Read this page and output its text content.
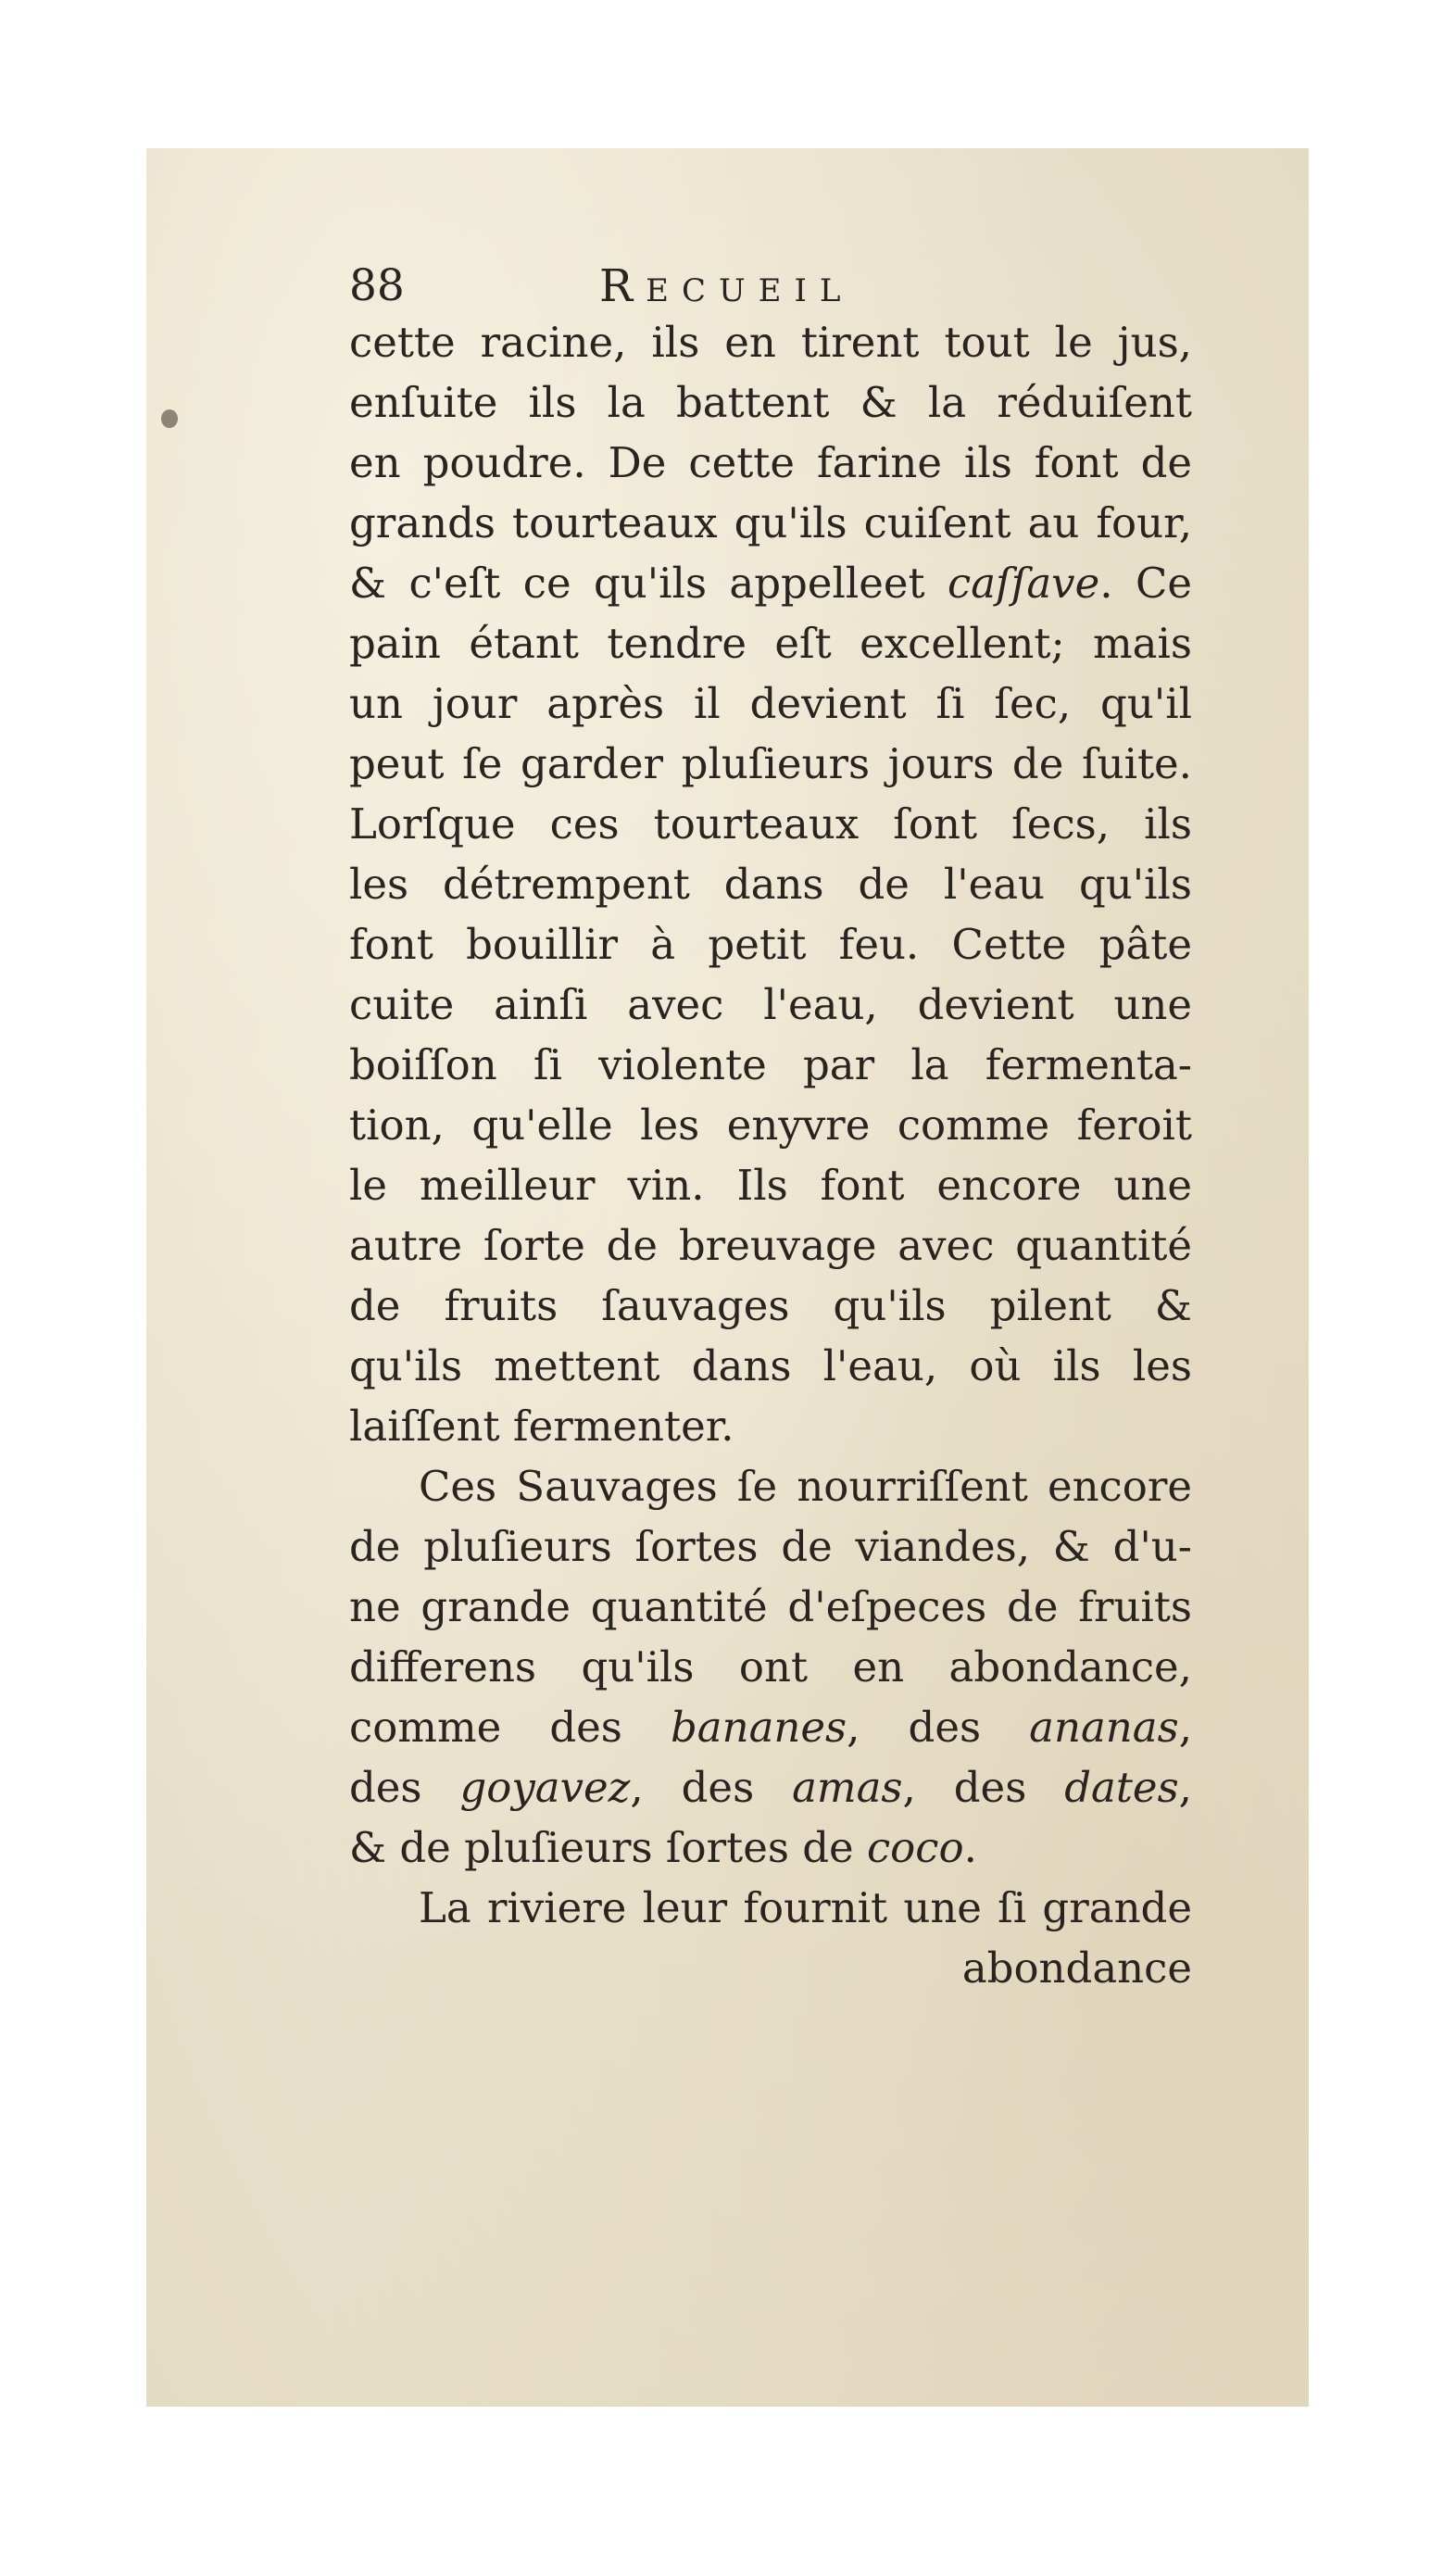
88	Recueil
cette racine, ils en tirent tout le jus,
enſuite ils la battent & la réduiſent
en poudre. De cette farine ils font de
grands tourteaux qu'ils cuiſent au four,
& c'eſt ce qu'ils appelleet caſſave. Ce
pain étant tendre eſt excellent; mais
un jour après il devient ſi ſec, qu'il
peut ſe garder pluſieurs jours de ſuite.
Lorſque ces tourteaux ſont ſecs, ils
les détrempent dans de l'eau qu'ils
font bouillir à petit feu. Cette pâte
cuite ainſi avec l'eau, devient une
boiſſon ſi violente par la fermenta-
tion, qu'elle les enyvre comme feroit
le meilleur vin. Ils font encore une
autre ſorte de breuvage avec quantité
de fruits ſauvages qu'ils pilent &
qu'ils mettent dans l'eau, où ils les
laiſſent fermenter.
Ces Sauvages ſe nourriſſent encore
de pluſieurs ſortes de viandes, & d'u-
ne grande quantité d'eſpeces de fruits
differens qu'ils ont en abondance,
comme des bananes, des ananas,
des goyavez, des amas, des dates,
& de pluſieurs ſortes de coco.
La riviere leur fournit une ſi grande
abondance
